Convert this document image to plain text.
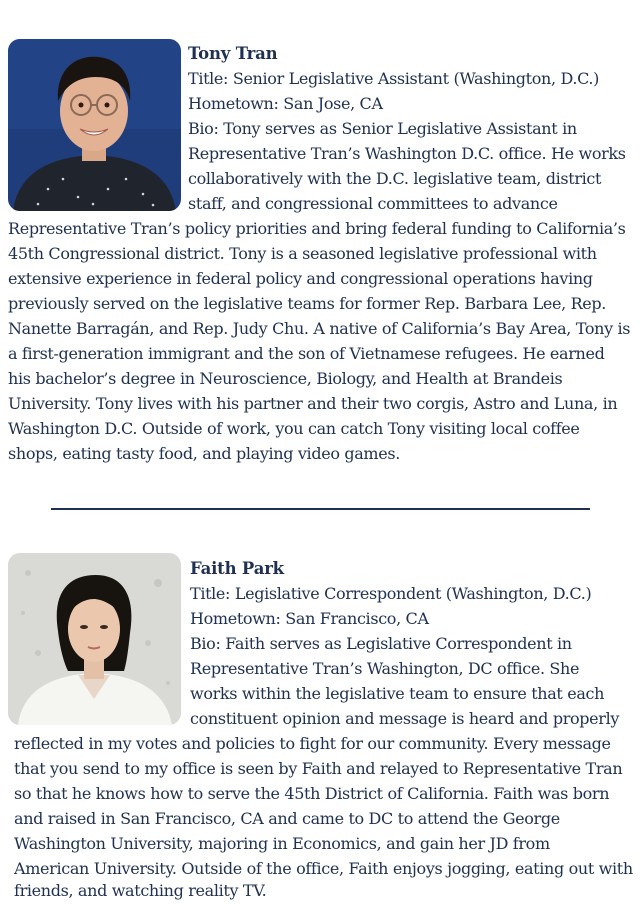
Tony Tran
Title: Senior Legislative Assistant (Washington, D.C.)
Hometown: San Jose, CA
Bio: Tony serves as Senior Legislative Assistant in
Representative Tran’s Washington D.C. office. He works
collaboratively with the D.C. legislative team, district
staff, and congressional committees to advance
Representative Tran’s policy priorities and bring federal funding to California’s
45th Congressional district. Tony is a seasoned legislative professional with
extensive experience in federal policy and congressional operations having
previously served on the legislative teams for former Rep. Barbara Lee, Rep.
Nanette Barragán, and Rep. Judy Chu. A native of California’s Bay Area, Tony is
a first-generation immigrant and the son of Vietnamese refugees. He earned
his bachelor’s degree in Neuroscience, Biology, and Health at Brandeis
University. Tony lives with his partner and their two corgis, Astro and Luna, in
Washington D.C. Outside of work, you can catch Tony visiting local coffee
shops, eating tasty food, and playing video games.
Faith Park
Title: Legislative Correspondent (Washington, D.C.)
Hometown: San Francisco, CA
Bio: Faith serves as Legislative Correspondent in
Representative Tran’s Washington, DC office. She
works within the legislative team to ensure that each
constituent opinion and message is heard and properly
reflected in my votes and policies to fight for our community. Every message
that you send to my office is seen by Faith and relayed to Representative Tran
so that he knows how to serve the 45th District of California. Faith was born
and raised in San Francisco, CA and came to DC to attend the George
Washington University, majoring in Economics, and gain her JD from
American University. Outside of the office, Faith enjoys jogging, eating out with
friends, and watching reality TV.
